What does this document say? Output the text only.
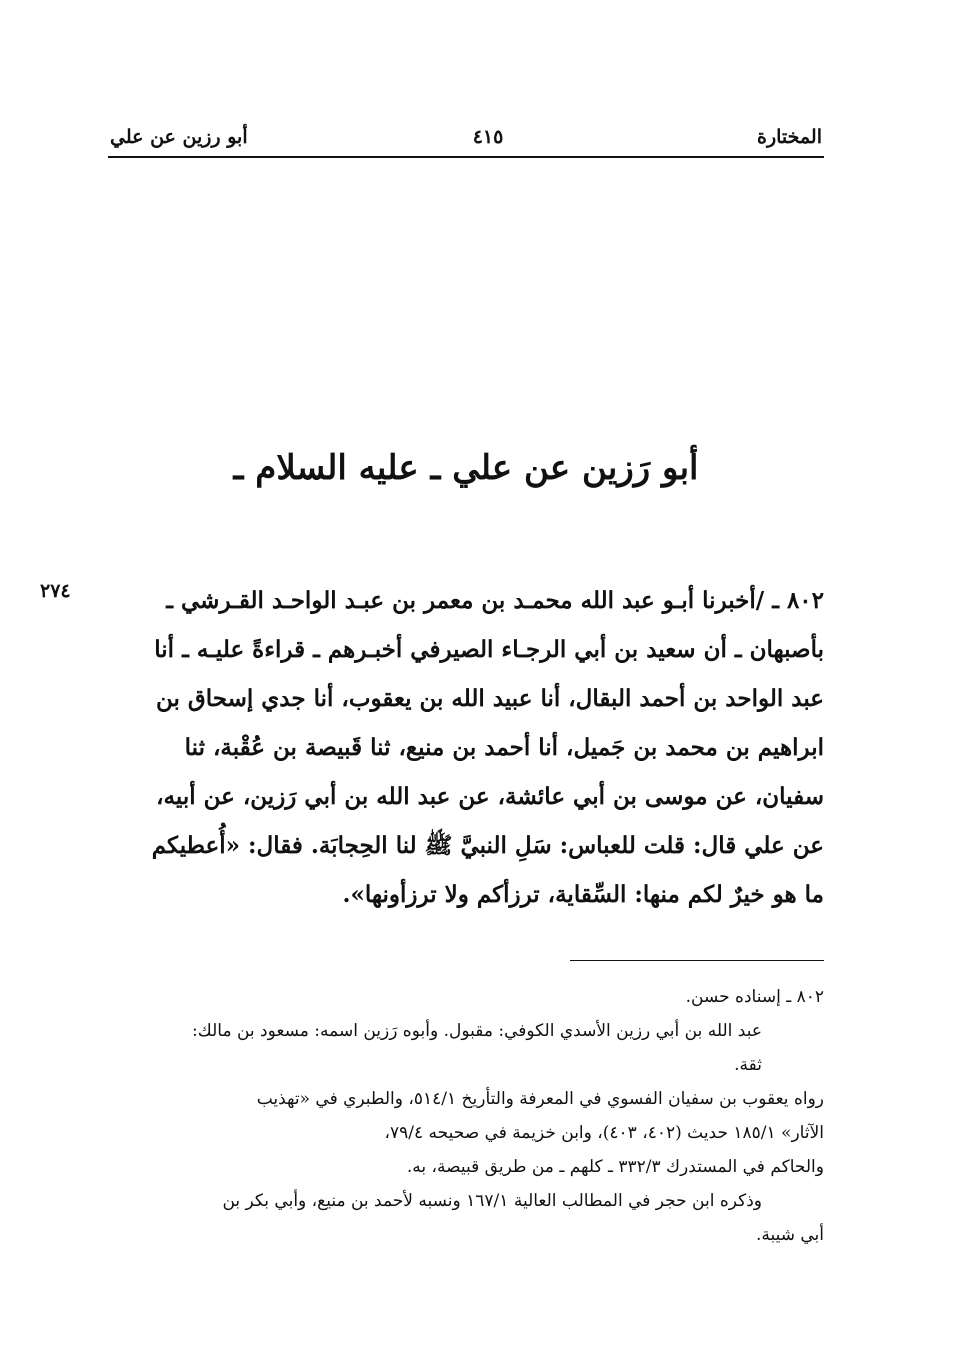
المختارة
٤١٥
أبو رزين عن علي
أبو رَزين عن علي ـ عليه السلام ـ
٢٧٤	٨٠٢ ـ /أخبرنا أبـو عبد الله محمـد بن معمر بن عبـد الواحـد القـرشي ـ
بأصبهان ـ أن سعيد بن أبي الرجـاء الصيرفي أخبـرهم ـ قراءةً عليـه ـ أنا
عبد الواحد بن أحمد البقال، أنا عبيد الله بن يعقوب، أنا جدي إسحاق بن
ابراهيم بن محمد بن جَميل، أنا أحمد بن منيع، ثنا قَبيصة بن عُقْبة، ثنا
سفيان، عن موسى بن أبي عائشة، عن عبد الله بن أبي رَزين، عن أبيه،
عن علي قال: قلت للعباس: سَلِ النبيَّ ﷺ لنا الحِجابَة. فقال: «أُعطيكم
ما هو خيرٌ لكم منها: السِّقاية، ترزأكم ولا ترزأونها».
٨٠٢ ـ إسناده حسن.
عبد الله بن أبي رزين الأسدي الكوفي: مقبول. وأبوه رَزين اسمه: مسعود بن مالك:
ثقة.
رواه يعقوب بن سفيان الفسوي في المعرفة والتأريخ ٥١٤/١، والطبري في «تهذيب
الآثار» ١٨٥/١ حديث (٤٠٢، ٤٠٣)، وابن خزيمة في صحيحه ٧٩/٤،
والحاكم في المستدرك ٣٣٢/٣ ـ كلهم ـ من طريق قبيصة، به.
وذكره ابن حجر في المطالب العالية ١٦٧/١ ونسبه لأحمد بن منيع، وأبي بكر بن
أبي شيبة.
